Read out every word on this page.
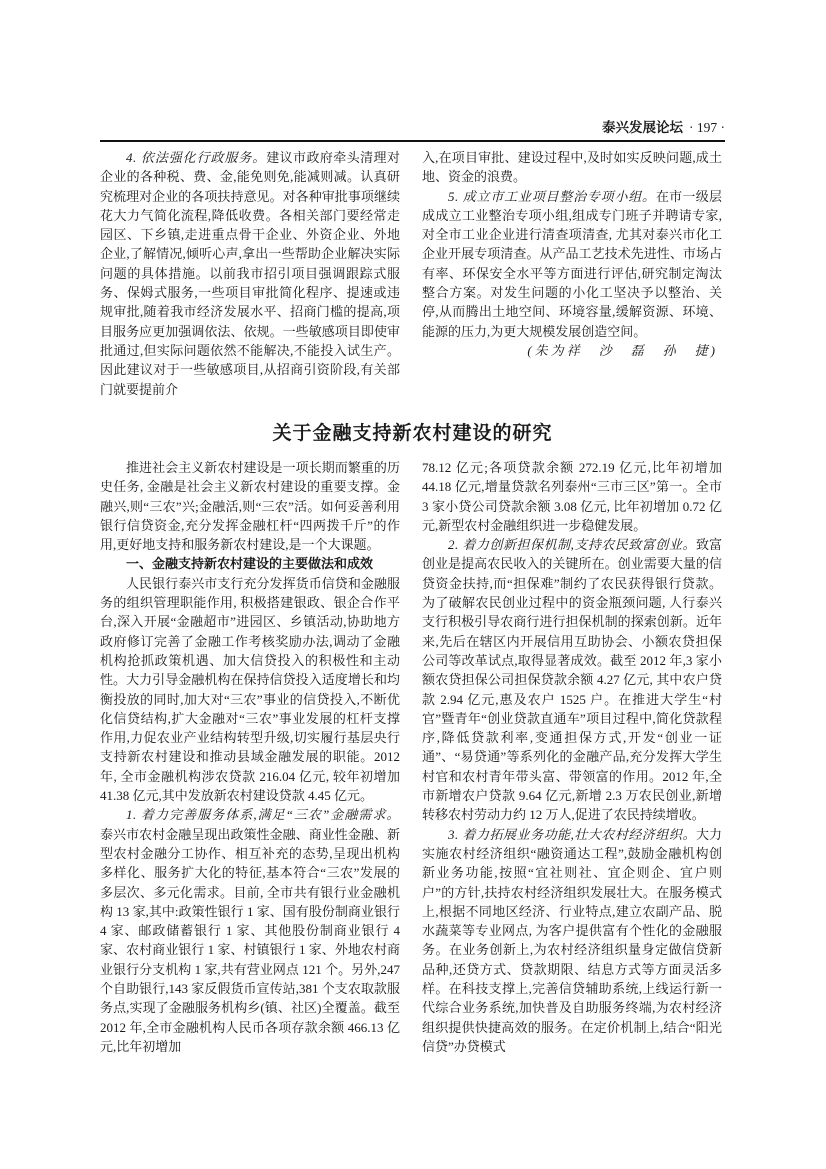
泰兴发展论坛 · 197 ·

4. 依法强化行政服务。建议市政府牵头清理对企业的各种税、费、金,能免则免,能减则减。认真研究梳理对企业的各项扶持意见。对各种审批事项继续花大力气简化流程,降低收费。各相关部门要经常走园区、下乡镇,走进重点骨干企业、外资企业、外地企业,了解情况,倾听心声,拿出一些帮助企业解决实际问题的具体措施。以前我市招引项目强调跟踪式服务、保姆式服务,一些项目审批简化程序、提速或违规审批,随着我市经济发展水平、招商门槛的提高,项目服务应更加强调依法、依规。一些敏感项目即使审批通过,但实际问题依然不能解决,不能投入试生产。因此建议对于一些敏感项目,从招商引资阶段,有关部门就要提前介

入,在项目审批、建设过程中,及时如实反映问题,成土地、资金的浪费。

5. 成立市工业项目整治专项小组。在市一级层成成立工业整治专项小组,组成专门班子并聘请专家,对全市工业企业进行清查项清查, 尤其对泰兴市化工企业开展专项清查。从产品工艺技术先进性、市场占有率、环保安全水平等方面进行评估,研究制定淘汰整合方案。对发生问题的小化工坚决予以整治、关停,从而腾出土地空间、环境容量,缓解资源、环境、能源的压力,为更大规模发展创造空间。

(朱为祥　沙　磊　孙　捷)

关于金融支持新农村建设的研究

推进社会主义新农村建设是一项长期而繁重的历史任务, 金融是社会主义新农村建设的重要支撑。金融兴,则“三农”兴;金融活,则“三农”活。如何妥善利用银行信贷资金,充分发挥金融杠杆“四两拨千斤”的作用,更好地支持和服务新农村建设,是一个大课题。

一、金融支持新农村建设的主要做法和成效

人民银行泰兴市支行充分发挥货币信贷和金融服务的组织管理职能作用, 积极搭建银政、银企合作平台,深入开展“金融超市”进园区、乡镇活动,协助地方政府修订完善了金融工作考核奖励办法,调动了金融机构抢抓政策机遇、加大信贷投入的积极性和主动性。大力引导金融机构在保持信贷投入适度增长和均衡投放的同时,加大对“三农”事业的信贷投入,不断优化信贷结构,扩大金融对“三农”事业发展的杠杆支撑作用,力促农业产业结构转型升级,切实履行基层央行支持新农村建设和推动县域金融发展的职能。2012 年, 全市金融机构涉农贷款 216.04 亿元, 较年初增加 41.38 亿元,其中发放新农村建设贷款 4.45 亿元。

1. 着力完善服务体系,满足“三农”金融需求。泰兴市农村金融呈现出政策性金融、商业性金融、新型农村金融分工协作、相互补充的态势,呈现出机构多样化、服务扩大化的特征,基本符合“三农”发展的多层次、多元化需求。目前, 全市共有银行业金融机构 13 家,其中:政策性银行 1 家、国有股份制商业银行 4 家、邮政储蓄银行 1 家、其他股份制商业银行 4 家、农村商业银行 1 家、村镇银行 1 家、外地农村商业银行分支机构 1 家,共有营业网点 121 个。另外,247 个自助银行,143 家反假货币宣传站,381 个支农取款服务点,实现了金融服务机构乡(镇、社区)全覆盖。截至 2012 年,全市金融机构人民币各项存款余额 466.13 亿元,比年初增加

78.12 亿元;各项贷款余额 272.19 亿元,比年初增加 44.18 亿元,增量贷款名列泰州“三市三区”第一。全市 3 家小贷公司贷款余额 3.08 亿元, 比年初增加 0.72 亿元,新型农村金融组织进一步稳健发展。

2. 着力创新担保机制,支持农民致富创业。致富创业是提高农民收入的关键所在。创业需要大量的信贷资金扶持,而“担保难”制约了农民获得银行贷款。为了破解农民创业过程中的资金瓶颈问题, 人行泰兴支行积极引导农商行进行担保机制的探索创新。近年来,先后在辖区内开展信用互助协会、小额农贷担保公司等改革试点,取得显著成效。截至 2012 年,3 家小额农贷担保公司担保贷款余额 4.27 亿元, 其中农户贷款 2.94 亿元,惠及农户 1525 户。在推进大学生“村官”暨青年“创业贷款直通车”项目过程中,简化贷款程序,降低贷款利率,变通担保方式,开发“创业一证通”、“易贷通”等系列化的金融产品,充分发挥大学生村官和农村青年带头富、带领富的作用。2012 年,全市新增农户贷款 9.64 亿元,新增 2.3 万农民创业,新增转移农村劳动力约 12 万人,促进了农民持续增收。

3. 着力拓展业务功能,壮大农村经济组织。大力实施农村经济组织“融资通达工程”,鼓励金融机构创新业务功能,按照“宜社则社、宜企则企、宜户则户”的方针,扶持农村经济组织发展壮大。在服务模式上,根据不同地区经济、行业特点,建立农副产品、脱水蔬菜等专业网点, 为客户提供富有个性化的金融服务。在业务创新上,为农村经济组织量身定做信贷新品种,还贷方式、贷款期限、结息方式等方面灵活多样。在科技支撑上,完善信贷辅助系统,上线运行新一代综合业务系统,加快普及自助服务终端,为农村经济组织提供快捷高效的服务。在定价机制上,结合“阳光信贷”办贷模式
